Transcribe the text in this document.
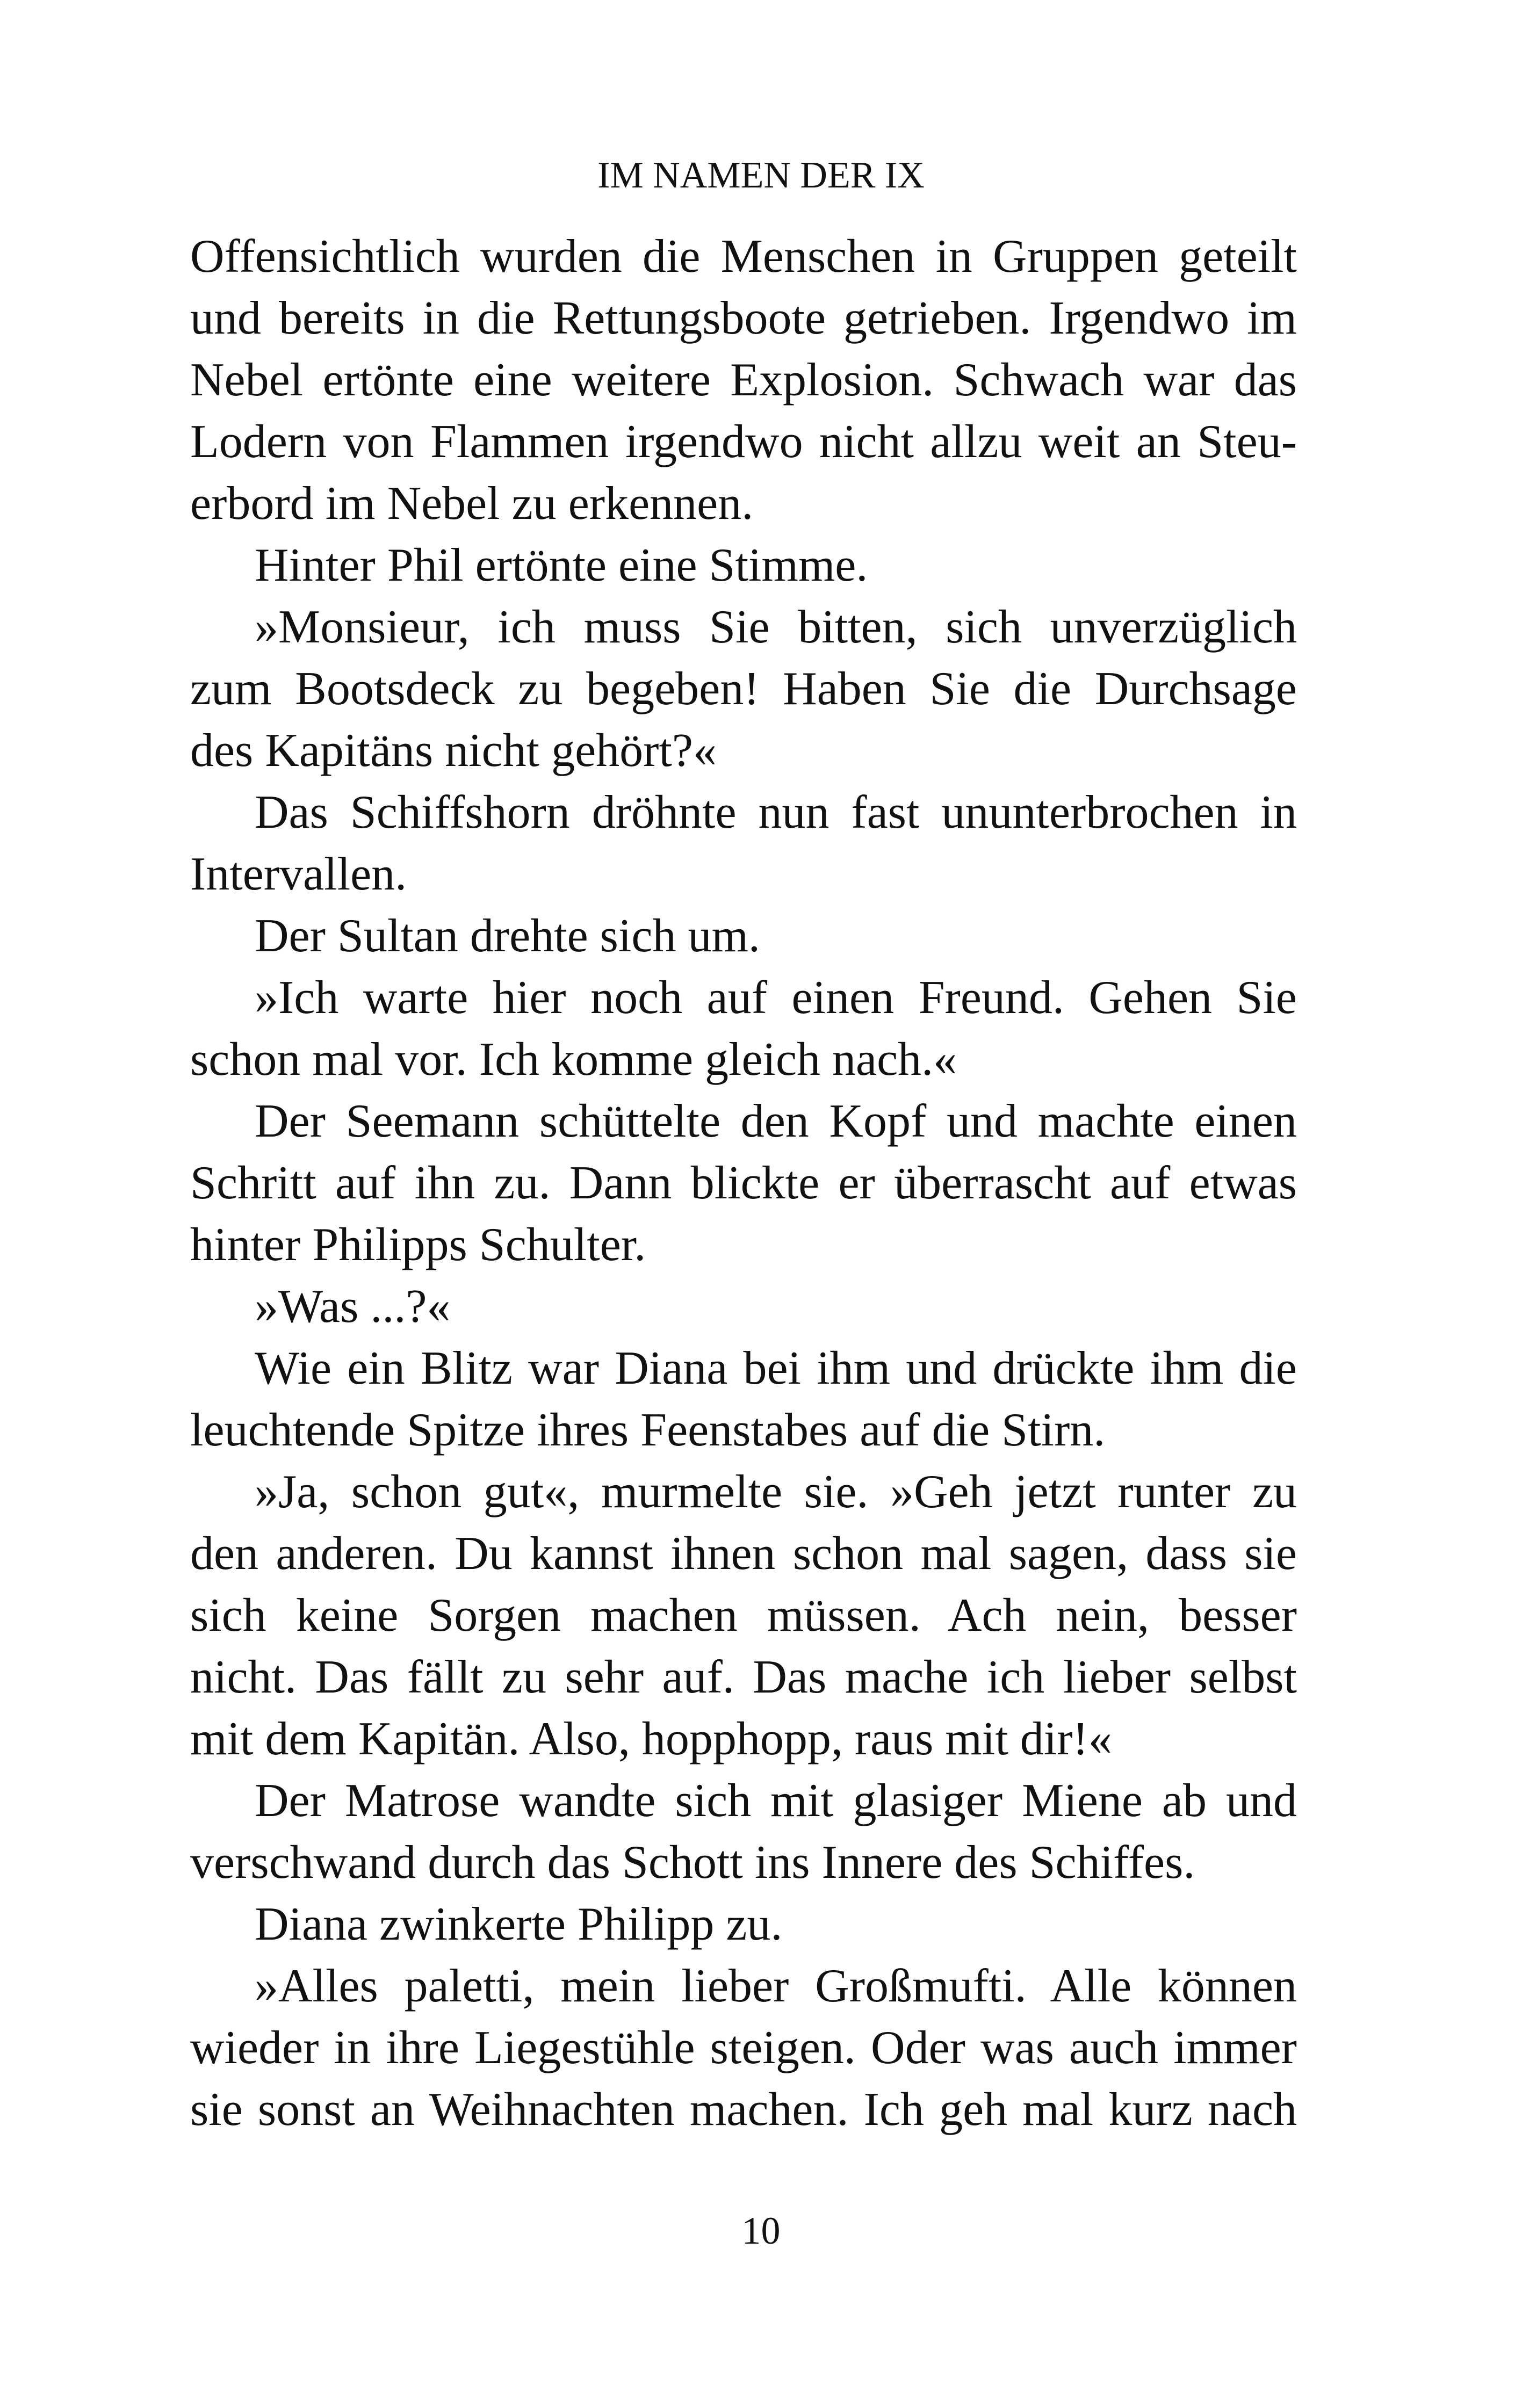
IM NAMEN DER IX
Offensichtlich wurden die Menschen in Gruppen geteilt
und bereits in die Rettungsboote getrieben. Irgendwo im
Nebel ertönte eine weitere Explosion. Schwach war das
Lodern von Flammen irgendwo nicht allzu weit an Steu-
erbord im Nebel zu erkennen.
Hinter Phil ertönte eine Stimme.
»Monsieur, ich muss Sie bitten, sich unverzüglich
zum Bootsdeck zu begeben! Haben Sie die Durchsage
des Kapitäns nicht gehört?«
Das Schiffshorn dröhnte nun fast ununterbrochen in
Intervallen.
Der Sultan drehte sich um.
»Ich warte hier noch auf einen Freund. Gehen Sie
schon mal vor. Ich komme gleich nach.«
Der Seemann schüttelte den Kopf und machte einen
Schritt auf ihn zu. Dann blickte er überrascht auf etwas
hinter Philipps Schulter.
»Was ...?«
Wie ein Blitz war Diana bei ihm und drückte ihm die
leuchtende Spitze ihres Feenstabes auf die Stirn.
»Ja, schon gut«, murmelte sie. »Geh jetzt runter zu
den anderen. Du kannst ihnen schon mal sagen, dass sie
sich keine Sorgen machen müssen. Ach nein, besser
nicht. Das fällt zu sehr auf. Das mache ich lieber selbst
mit dem Kapitän. Also, hopphopp, raus mit dir!«
Der Matrose wandte sich mit glasiger Miene ab und
verschwand durch das Schott ins Innere des Schiffes.
Diana zwinkerte Philipp zu.
»Alles paletti, mein lieber Großmufti. Alle können
wieder in ihre Liegestühle steigen. Oder was auch immer
sie sonst an Weihnachten machen. Ich geh mal kurz nach
10
